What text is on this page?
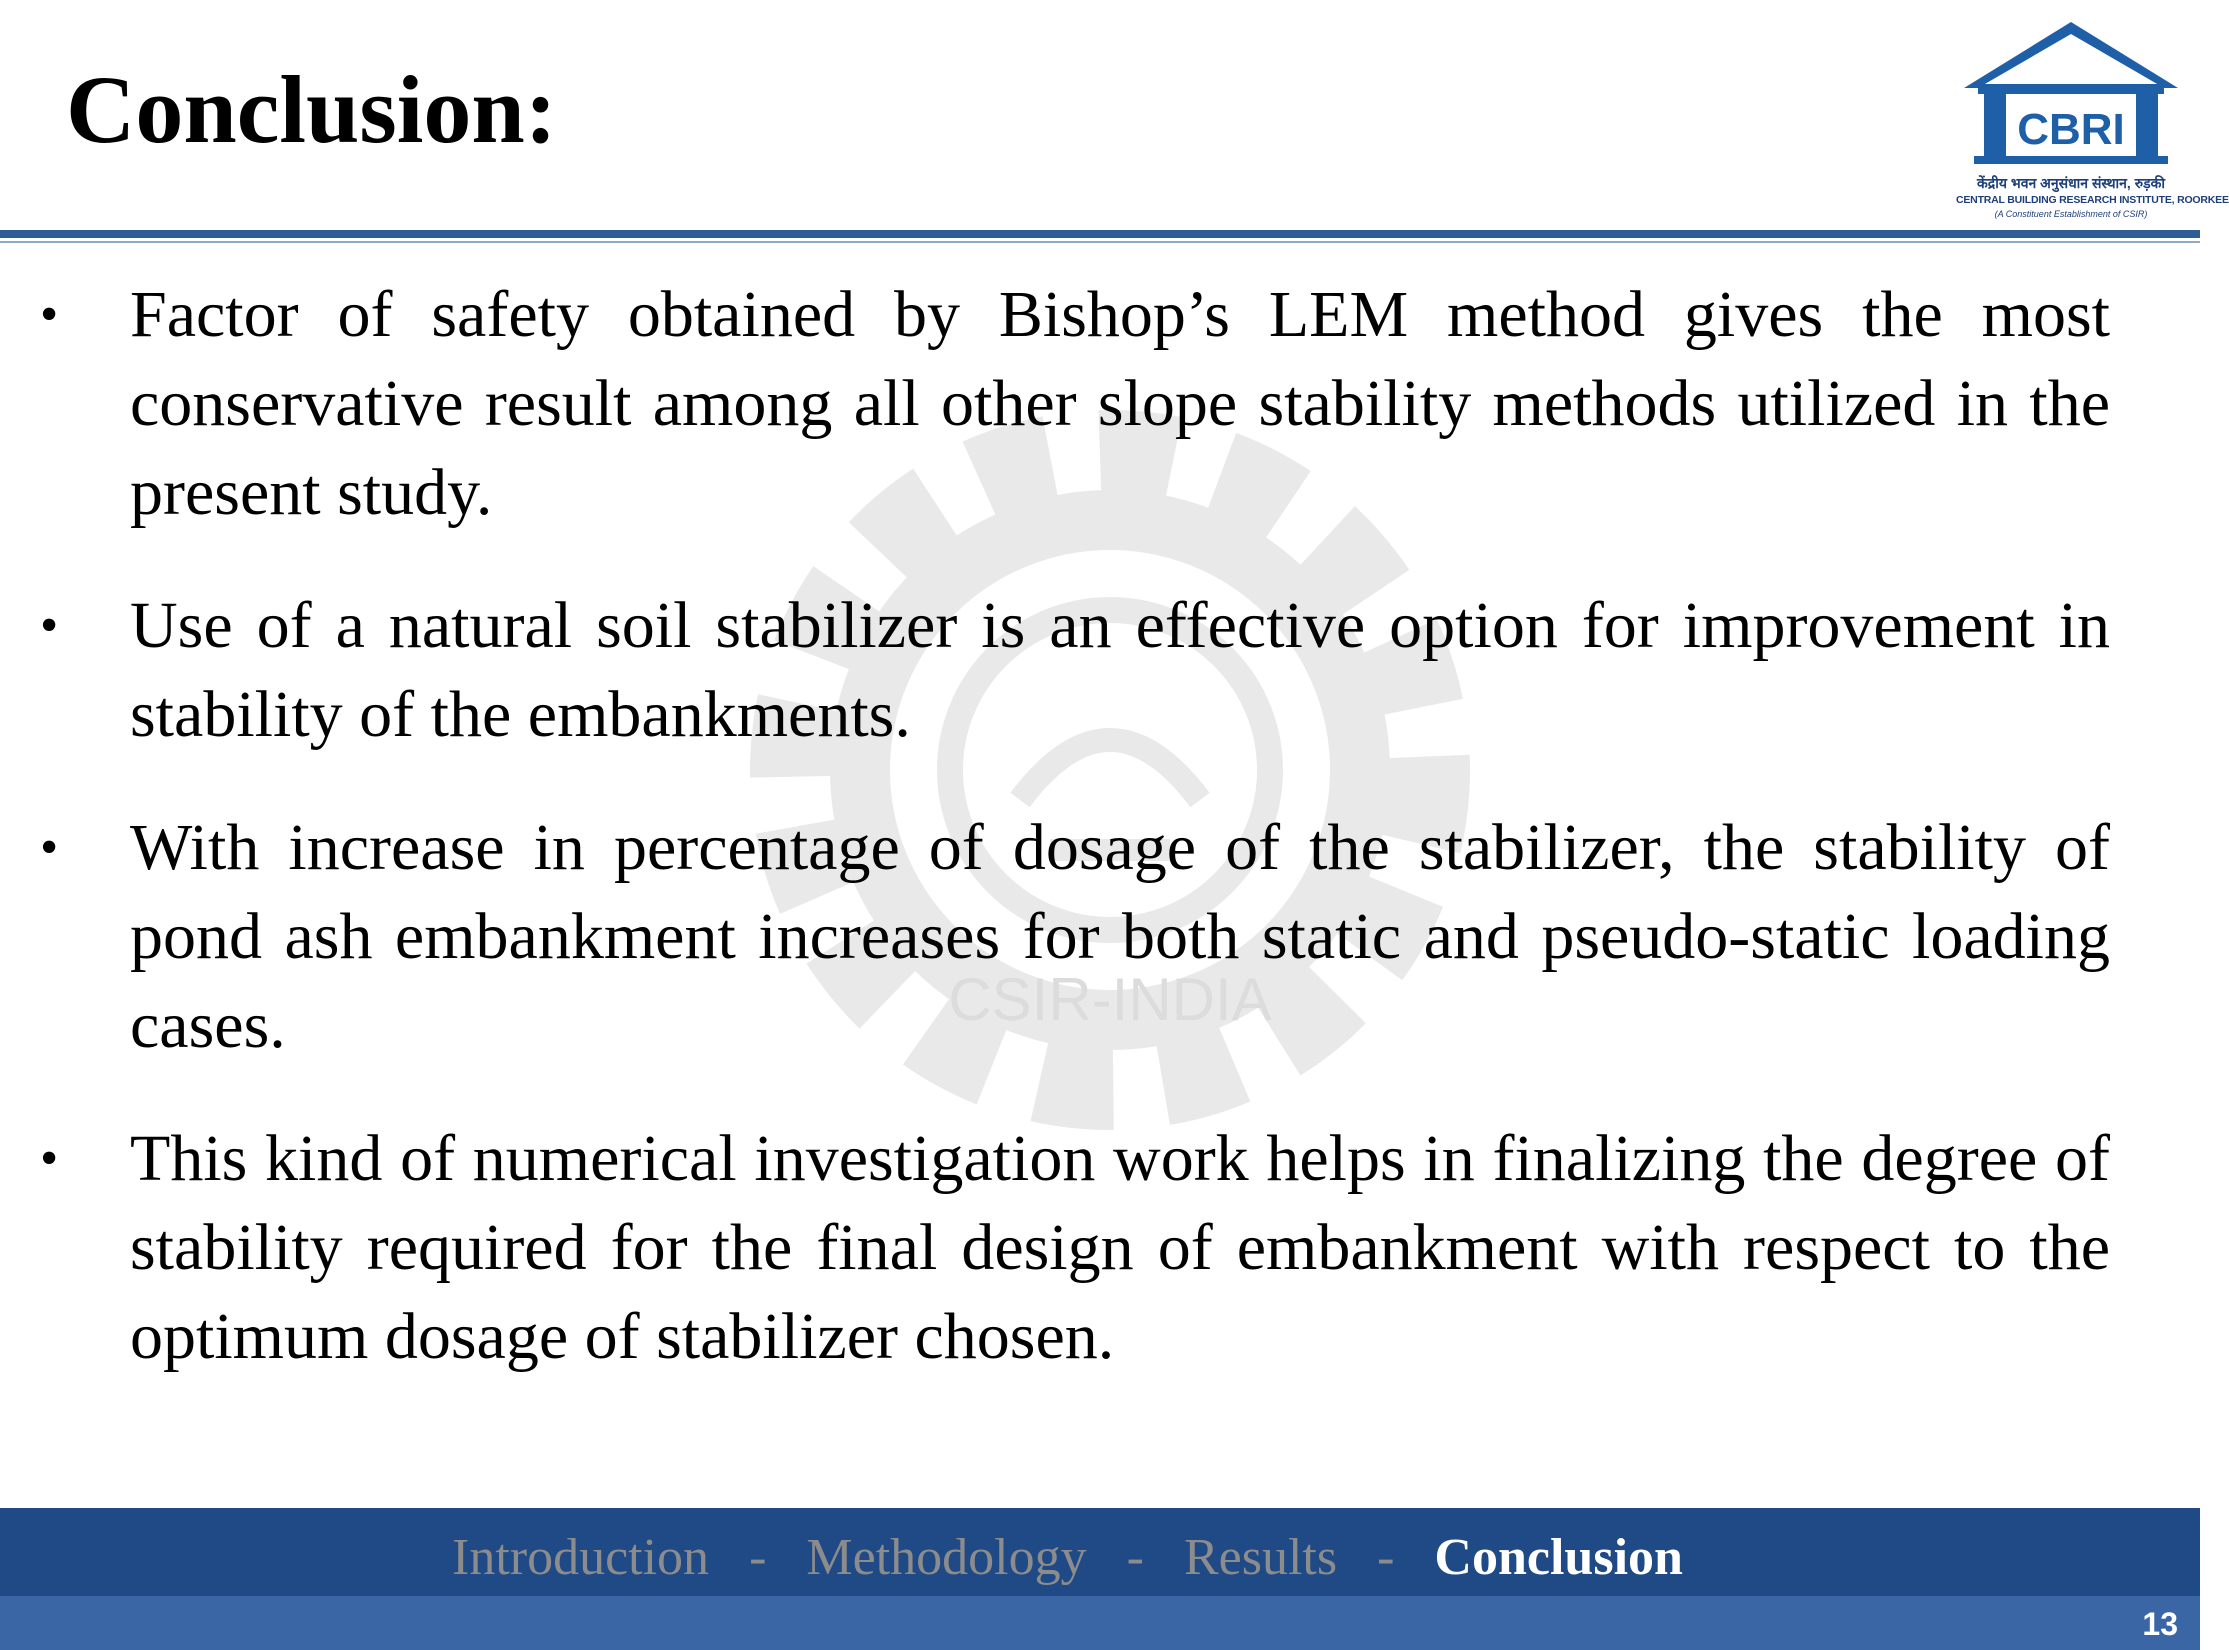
CSIR-INDIA
Conclusion:	CBRI
केंद्रीय भवन अनुसंधान संस्थान, रुड़की
CENTRAL BUILDING RESEARCH INSTITUTE, ROORKEE
(A Constituent Establishment of CSIR)
•	Factor of safety obtained by Bishop’s LEM method gives the most conservative result among all other slope stability methods utilized in the present study.
•	Use of a natural soil stabilizer is an effective option for improvement in stability of the embankments.
•	With increase in percentage of dosage of the stabilizer, the stability of pond ash embankment increases for both static and pseudo-static loading cases.
•	This kind of numerical investigation work helps in finalizing the degree of stability required for the final design of embankment with respect to the optimum dosage of stabilizer chosen.
Introduction - Methodology - Results - Conclusion
13
